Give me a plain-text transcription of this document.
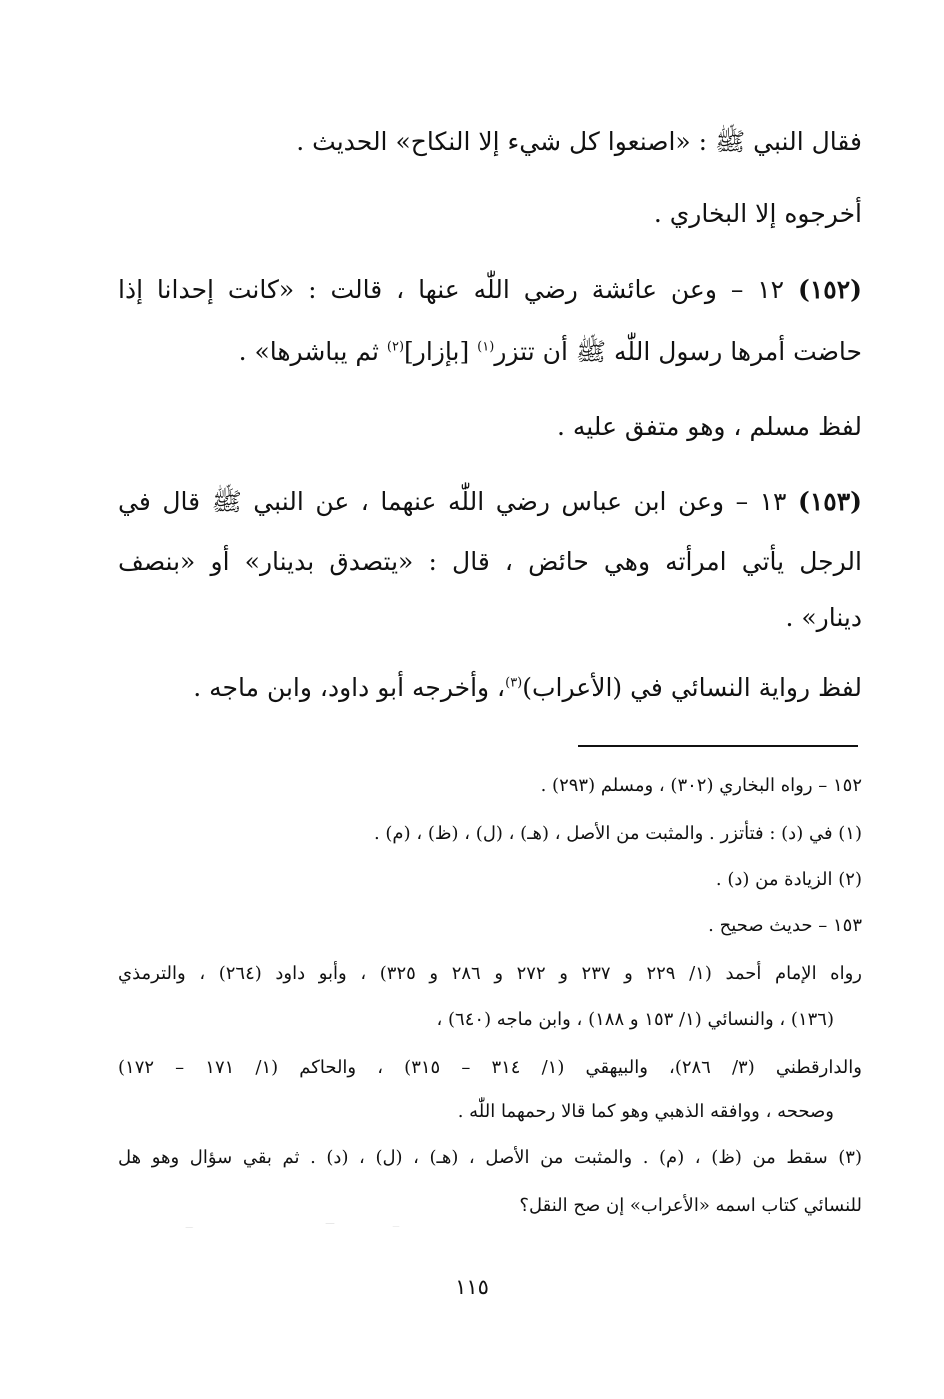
فقال النبي ﷺ : «اصنعوا كل شيء إلا النكاح» الحديث .
أخرجوه إلا البخاري .
(١٥٢) ١٢ – وعن عائشة رضي اللّٰه عنها ، قالت : «كانت إحدانا إذا
حاضت أمرها رسول اللّٰه ﷺ أن تتزر$^{(١)}$ [بإزار]$^{(٢)}$ ثم يباشرها» .
لفظ مسلم ، وهو متفق عليه .
(١٥٣) ١٣ – وعن ابن عباس رضي اللّٰه عنهما ، عن النبي ﷺ قال في
الرجل يأتي امرأته وهي حائض ، قال : «يتصدق بدينار» أو «بنصف
دينار» .
لفظ رواية النسائي في (الأعراب)$^{(٣)}$، وأخرجه أبو داود، وابن ماجه .
١٥٢ – رواه البخاري (٣٠٢) ، ومسلم (٢٩٣) .
(١) في (د) : فتأتزر . والمثبت من الأصل ، (هـ) ، (ل) ، (ظ) ، (م) .
(٢) الزيادة من (د) .
١٥٣ – حديث صحيح .
رواه الإمام أحمد (١/ ٢٢٩ و ٢٣٧ و ٢٧٢ و ٢٨٦ و ٣٢٥) ، وأبو داود (٢٦٤) ، والترمذي
(١٣٦) ، والنسائي (١/ ١٥٣ و ١٨٨) ، وابن ماجه (٦٤٠) ،
والدارقطني (٣/ ٢٨٦)، والبيهقي (١/ ٣١٤ – ٣١٥) ، والحاكم (١/ ١٧١ – ١٧٢)
وصححه ، ووافقه الذهبي وهو كما قالا رحمهما اللّٰه .
(٣) سقط من (ظ) ، (م) . والمثبت من الأصل ، (هـ) ، (ل) ، (د) . ثم بقي سؤال وهو هل
للنسائي كتاب اسمه «الأعراب» إن صح النقل؟
١١٥
